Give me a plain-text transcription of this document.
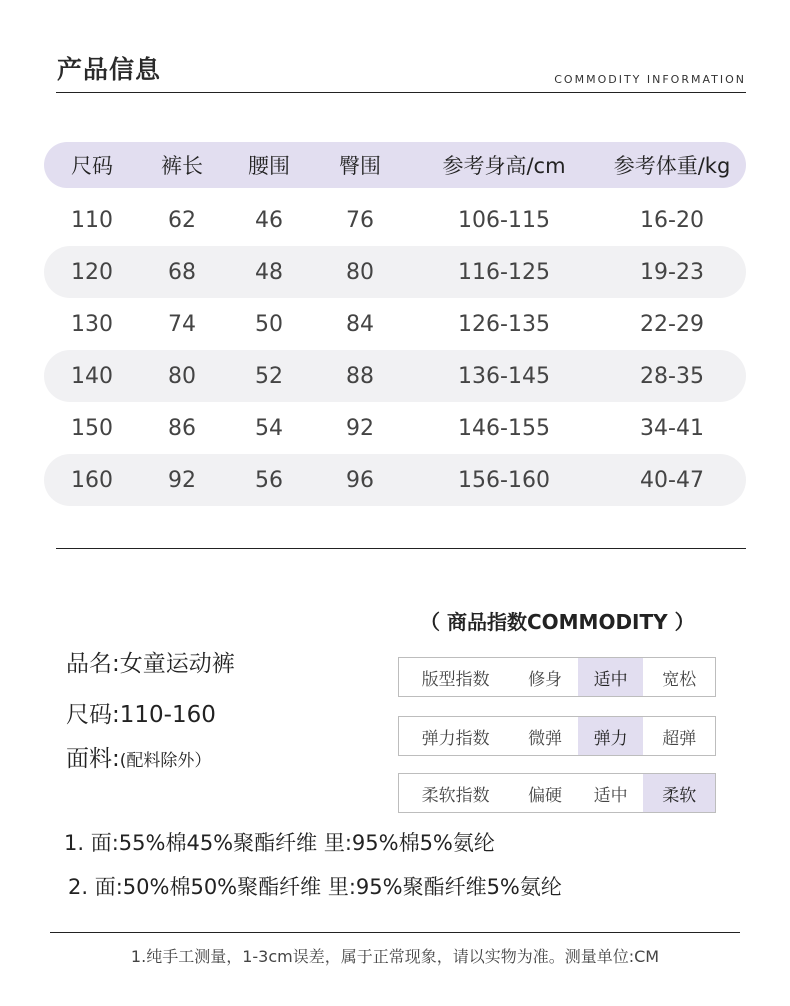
产品信息	COMMODITY INFORMATION
尺码	裤长	腰围	臀围	参考身高/cm	参考体重/kg
110	62	46	76	106-115	16-20
120	68	48	80	116-125	19-23
130	74	50	84	126-135	22-29
140	80	52	88	136-145	28-35
150	86	54	92	146-155	34-41
160	92	56	96	156-160	40-47
品名:女童运动裤
尺码:110-160
面料:(配料除外）
（ 商品指数COMMODITY ）
版型指数	修身	适中	宽松
弹力指数	微弹	弹力	超弹
柔软指数	偏硬	适中	柔软
1. 面:55%棉45%聚酯纤维 里:95%棉5%氨纶
2. 面:50%棉50%聚酯纤维 里:95%聚酯纤维5%氨纶
1.纯手工测量，1-3cm误差，属于正常现象，请以实物为准。测量单位:CM
